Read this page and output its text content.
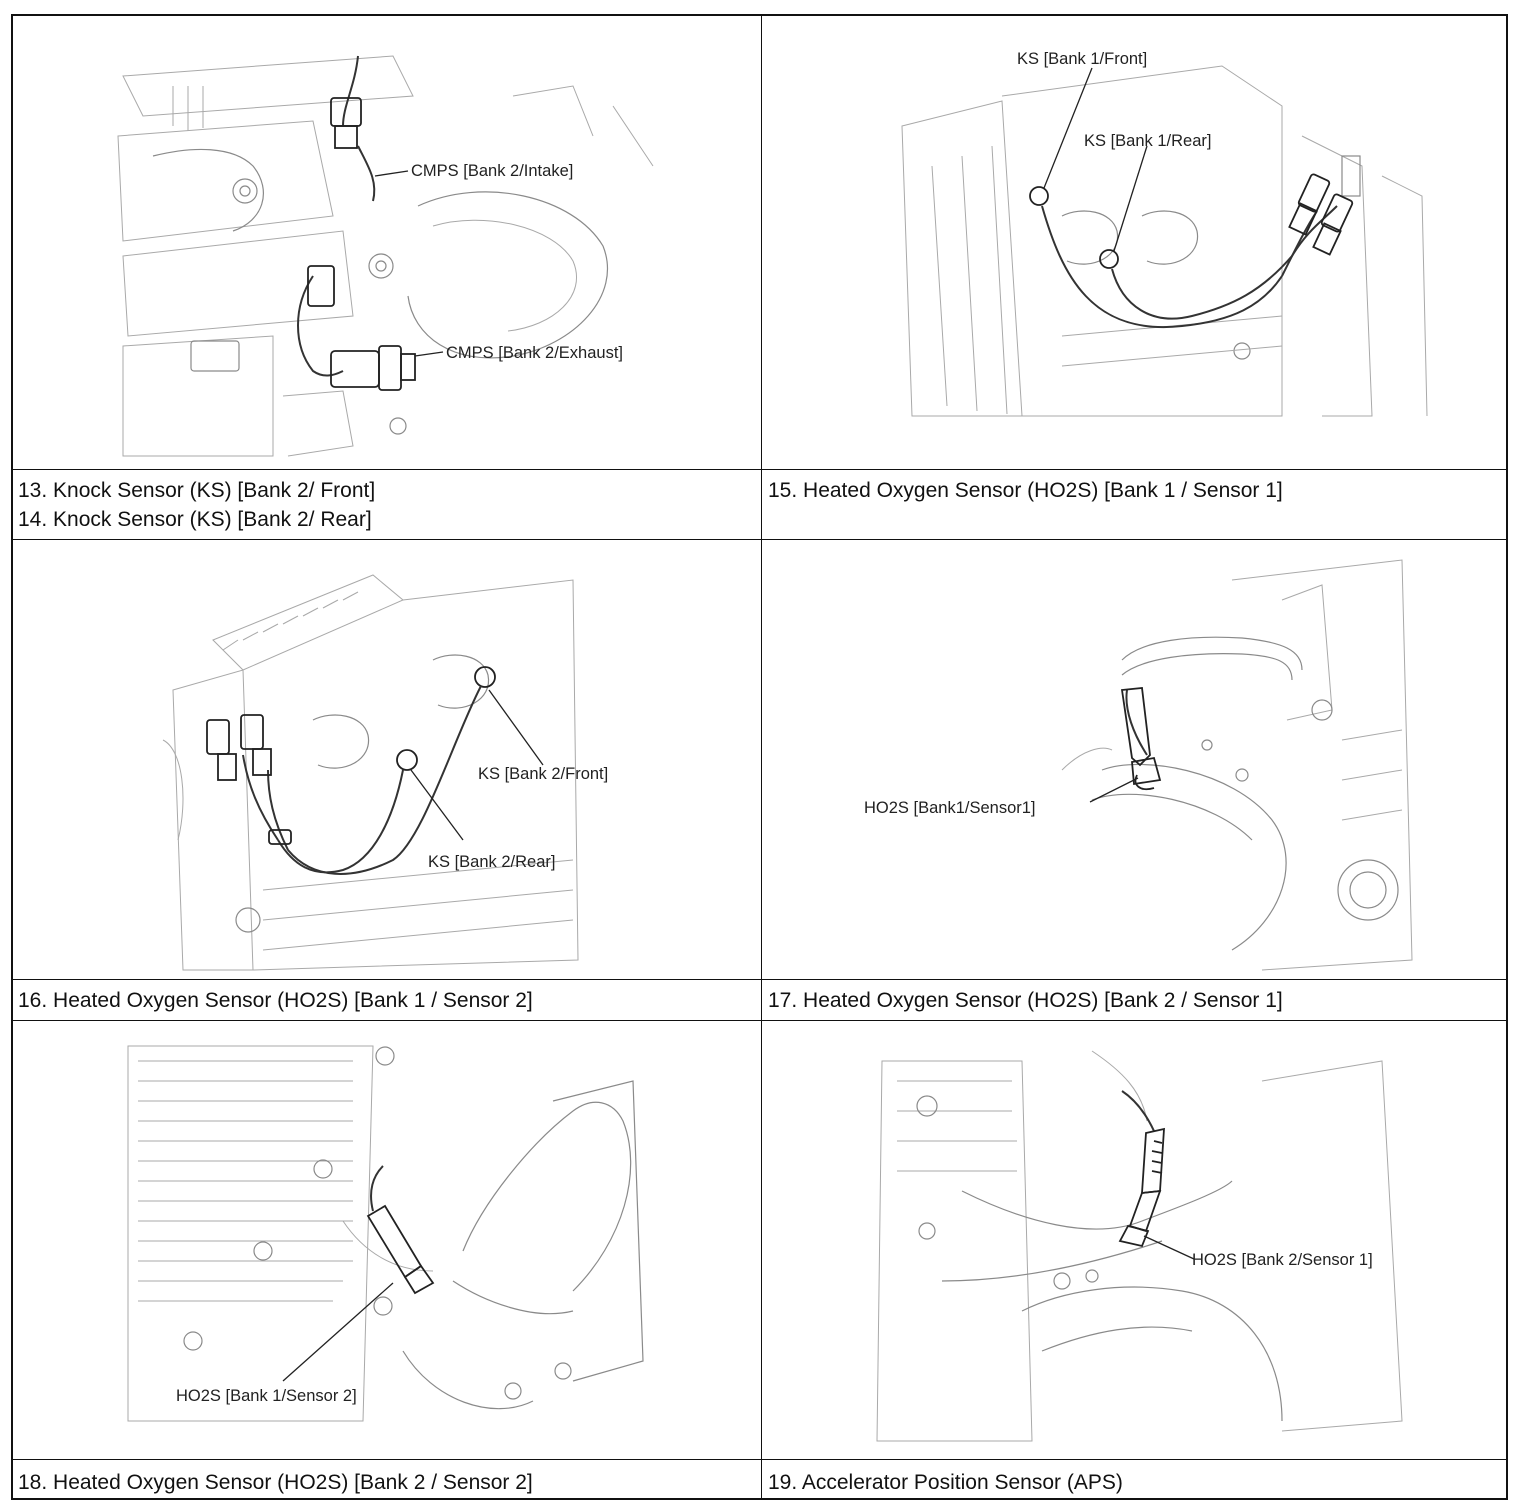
CMPS [Bank 2/Intake]
CMPS [Bank 2/Exhaust]
KS [Bank 1/Front]
KS [Bank 1/Rear]
13. Knock Sensor (KS) [Bank 2/ Front]
14. Knock Sensor (KS) [Bank 2/ Rear]
15. Heated Oxygen Sensor (HO2S) [Bank 1 / Sensor 1]
KS [Bank 2/Front]
KS [Bank 2/Rear]
HO2S [Bank1/Sensor1]
16. Heated Oxygen Sensor (HO2S) [Bank 1 / Sensor 2]	17. Heated Oxygen Sensor (HO2S) [Bank 2 / Sensor 1]
HO2S [Bank 1/Sensor 2]
HO2S [Bank 2/Sensor 1]
18. Heated Oxygen Sensor (HO2S) [Bank 2 / Sensor 2]	19. Accelerator Position Sensor (APS)
